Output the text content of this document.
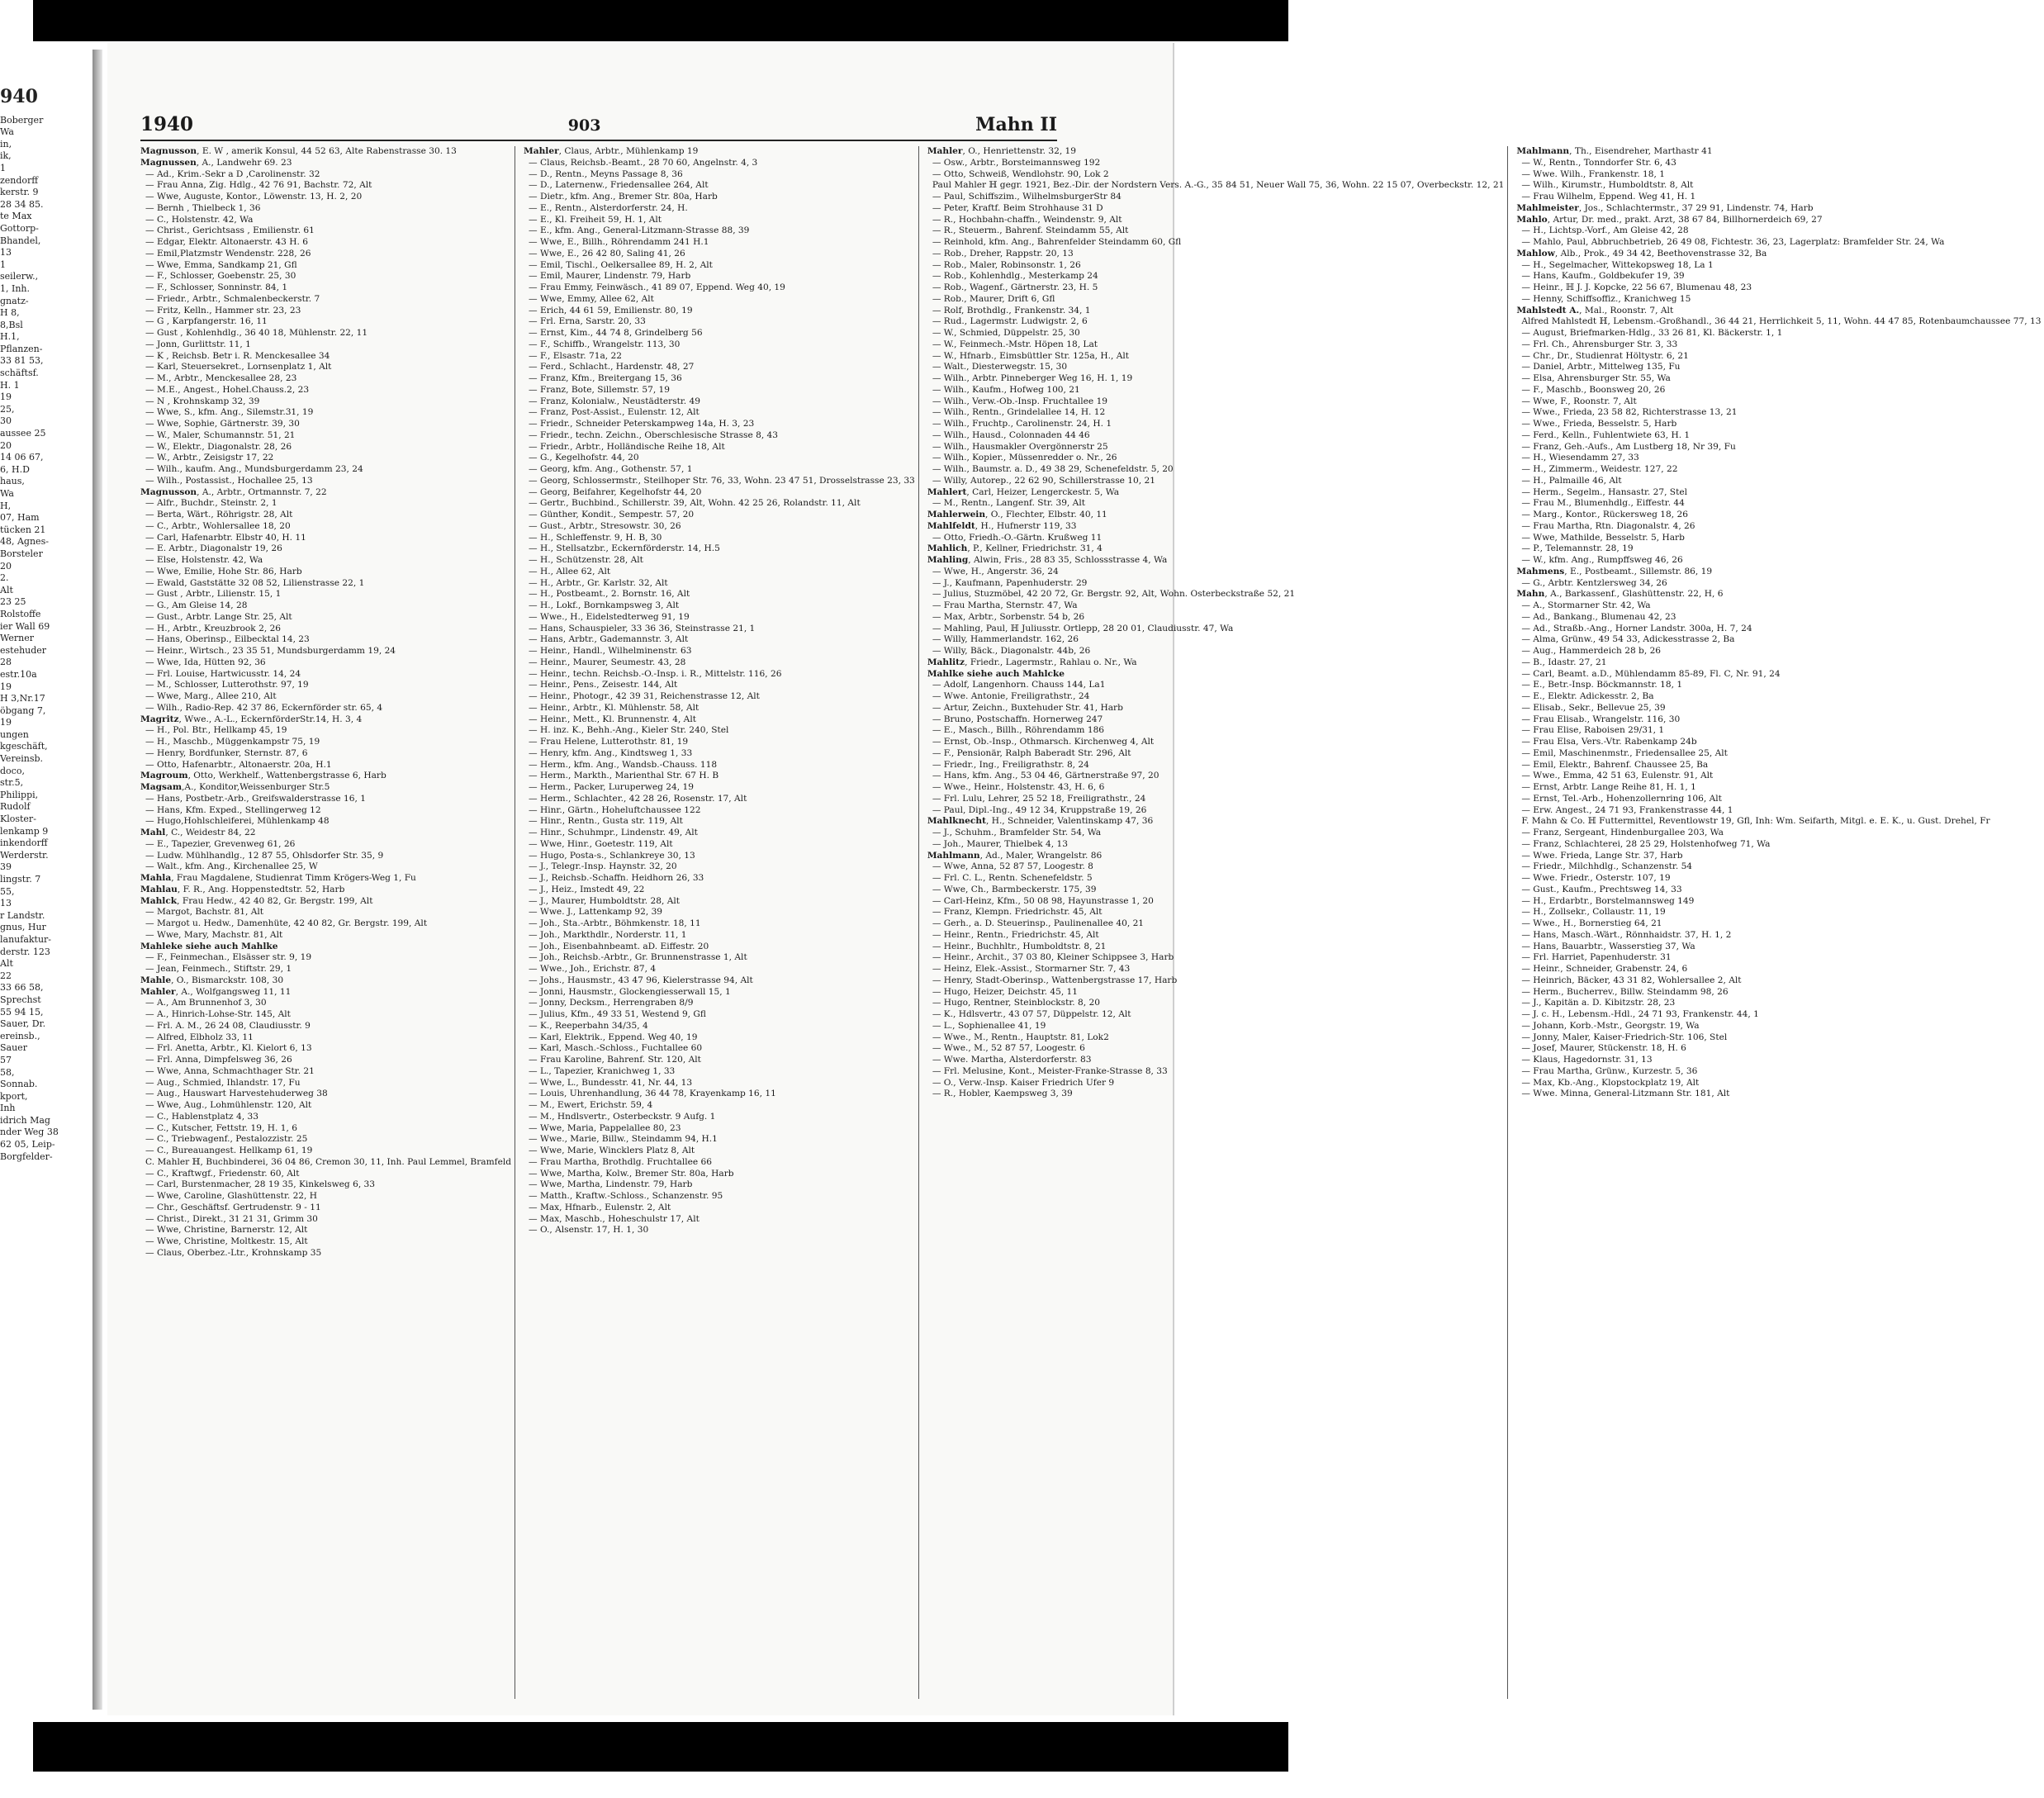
940
Boberger
Wa
in,
ik,
1
zendorff
kerstr. 9
28 34 85.
te Max
Gottorp-
Bhandel,
13
1
seilerw.,
1, Inh.
gnatz-
H 8,
8,Bsl
H.1,
Pflanzen-
33 81 53,
schäftsf.
H. 1
19
25,
30
aussee 25
20
14 06 67,
6, H.D
haus,
Wa
H,
07, Ham
tücken 21
48, Agnes-
Borsteler
20
2.
Alt
23 25
Rolstoffe
ier Wall 69
Werner
estehuder
28
estr.10a
19
H 3,Nr.17
öbgang 7,
19
ungen
kgeschäft,
Vereinsb.
doco,
str.5,
Philippi,
Rudolf
Kloster-
lenkamp 9
inkendorff
Werderstr.
39
lingstr. 7
55,
13
r Landstr.
gnus, Hur
lanufaktur-
derstr. 123
Alt
22
33 66 58,
Sprechst
55 94 15,
Sauer, Dr.
ereinsb.,
Sauer
57
58,
Sonnab.
kport,
Inh
idrich Mag
nder Weg 38
62 05, Leip-
Borgfelder-
1940	903	Mahn II
Magnusson, E. W , amerik Konsul, 44 52 63, Alte Rabenstrasse 30. 13
Magnussen, A., Landwehr 69. 23
— Ad., Krim.-Sekr a D ,Carolinenstr. 32
— Frau Anna, Zig. Hdlg., 42 76 91, Bachstr. 72, Alt
— Wwe, Auguste, Kontor., Löwenstr. 13, H. 2, 20
— Bernh , Thielbeck 1, 36
— C., Holstenstr. 42, Wa
— Christ., Gerichtsass , Emilienstr. 61
— Edgar, Elektr. Altonaerstr. 43 H. 6
— Emil,Platzmstr Wendenstr. 228, 26
— Wwe, Emma, Sandkamp 21, Gfl
— F., Schlosser, Goebenstr. 25, 30
— F., Schlosser, Sonninstr. 84, 1
— Friedr., Arbtr., Schmalenbeckerstr. 7
— Fritz, Kelln., Hammer str. 23, 23
— G , Karpfangerstr. 16, 11
— Gust , Kohlenhdlg., 36 40 18, Mühlenstr. 22, 11
— Jonn, Gurlittstr. 11, 1
— K , Reichsb. Betr i. R. Menckesallee 34
— Karl, Steuersekret., Lornsenplatz 1, Alt
— M., Arbtr., Menckesallee 28, 23
— M.E., Angest., Hohel.Chauss.2, 23
— N , Krohnskamp 32, 39
— Wwe, S., kfm. Ang., Silemstr.31, 19
— Wwe, Sophie, Gärtnerstr. 39, 30
— W., Maler, Schumannstr. 51, 21
— W., Elektr., Diagonalstr. 28, 26
— W., Arbtr., Zeisigstr 17, 22
— Wilh., kaufm. Ang., Mundsburgerdamm 23, 24
— Wilh., Postassist., Hochallee 25, 13
Magnusson, A., Arbtr., Ortmannstr. 7, 22
— Alfr., Buchdr., Steinstr. 2, 1
— Berta, Wärt., Röhrigstr. 28, Alt
— C., Arbtr., Wohlersallee 18, 20
— Carl, Hafenarbtr. Elbstr 40, H. 11
— E. Arbtr., Diagonalstr 19, 26
— Else, Holstenstr. 42, Wa
— Wwe, Emilie, Hohe Str. 86, Harb
— Ewald, Gaststätte 32 08 52, Lilienstrasse 22, 1
— Gust , Arbtr., Lilienstr. 15, 1
— G., Am Gleise 14, 28
— Gust., Arbtr. Lange Str. 25, Alt
— H., Arbtr., Kreuzbrook 2, 26
— Hans, Oberinsp., Eilbecktal 14, 23
— Heinr., Wirtsch., 23 35 51, Mundsburgerdamm 19, 24
— Wwe, Ida, Hütten 92, 36
— Frl. Louise, Hartwicusstr. 14, 24
— M., Schlosser, Lutterothstr. 97, 19
— Wwe, Marg., Allee 210, Alt
— Wilh., Radio-Rep. 42 37 86, Eckernförder str. 65, 4
Magritz, Wwe., A.-L., EckernförderStr.14, H. 3, 4
— H., Pol. Btr., Hellkamp 45, 19
— H., Maschb., Müggenkampstr 75, 19
— Henry, Bordfunker, Sternstr. 87, 6
— Otto, Hafenarbtr., Altonaerstr. 20a, H.1
Magroum, Otto, Werkhelf., Wattenbergstrasse 6, Harb
Magsam,A., Konditor,Weissenburger Str.5
— Hans, Postbetr.-Arb., Greifswalderstrasse 16, 1
— Hans, Kfm. Exped., Stellingerweg 12
— Hugo,Hohlschleiferei, Mühlenkamp 48
Mahl, C., Weidestr 84, 22
— E., Tapezier, Grevenweg 61, 26
— Ludw. Mühlhandlg., 12 87 55, Ohlsdorfer Str. 35, 9
— Walt., kfm. Ang., Kirchenallee 25, W
Mahla, Frau Magdalene, Studienrat Timm Krögers-Weg 1, Fu
Mahlau, F. R., Ang. Hoppenstedtstr. 52, Harb
Mahlck, Frau Hedw., 42 40 82, Gr. Bergstr. 199, Alt
— Margot, Bachstr. 81, Alt
— Margot u. Hedw., Damenhüte, 42 40 82, Gr. Bergstr. 199, Alt
— Wwe, Mary, Machstr. 81, Alt
Mahleke siehe auch Mahlke
— F., Feinmechan., Elsässer str. 9, 19
— Jean, Feinmech., Stiftstr. 29, 1
Mahle, O., Bismarckstr. 108, 30
Mahler, A., Wolfgangsweg 11, 11
— A., Am Brunnenhof 3, 30
— A., Hinrich-Lohse-Str. 145, Alt
— Frl. A. M., 26 24 08, Claudiusstr. 9
— Alfred, Elbholz 33, 11
— Frl. Anetta, Arbtr., Kl. Kielort 6, 13
— Frl. Anna, Dimpfelsweg 36, 26
— Wwe, Anna, Schmachthager Str. 21
— Aug., Schmied, Ihlandstr. 17, Fu
— Aug., Hauswart Harvestehuderweg 38
— Wwe, Aug., Lohmühlenstr. 120, Alt
— C., Hablenstplatz 4, 33
— C., Kutscher, Fettstr. 19, H. 1, 6
— C., Triebwagenf., Pestalozzistr. 25
— C., Bureauangest. Hellkamp 61, 19
C. Mahler ℍ, Buchbinderei, 36 04 86, Cremon 30, 11, Inh. Paul Lemmel, Bramfeld
— C., Kraftwgf., Friedenstr. 60, Alt
— Carl, Burstenmacher, 28 19 35, Kinkelsweg 6, 33
— Wwe, Caroline, Glashüttenstr. 22, H
— Chr., Geschäftsf. Gertrudenstr. 9 - 11
— Christ., Direkt., 31 21 31, Grimm 30
— Wwe, Christine, Barnerstr. 12, Alt
— Wwe, Christine, Moltkestr. 15, Alt
— Claus, Oberbez.-Ltr., Krohnskamp 35
Mahler, Claus, Arbtr., Mühlenkamp 19
— Claus, Reichsb.-Beamt., 28 70 60, Angelnstr. 4, 3
— D., Rentn., Meyns Passage 8, 36
— D., Laternenw., Friedensallee 264, Alt
— Dietr., kfm. Ang., Bremer Str. 80a, Harb
— E., Rentn., Alsterdorferstr. 24, H.
— E., Kl. Freiheit 59, H. 1, Alt
— E., kfm. Ang., General-Litzmann-Strasse 88, 39
— Wwe, E., Billh., Röhrendamm 241 H.1
— Wwe, E., 26 42 80, Saling 41, 26
— Emil, Tischl., Oelkersallee 89, H. 2, Alt
— Emil, Maurer, Lindenstr. 79, Harb
— Frau Emmy, Feinwäsch., 41 89 07, Eppend. Weg 40, 19
— Wwe, Emmy, Allee 62, Alt
— Erich, 44 61 59, Emilienstr. 80, 19
— Frl. Erna, Sarstr. 20, 33
— Ernst, Kim., 44 74 8, Grindelberg 56
— F., Schiffb., Wrangelstr. 113, 30
— F., Elsastr. 71a, 22
— Ferd., Schlacht., Hardenstr. 48, 27
— Franz, Kfm., Breitergang 15, 36
— Franz, Bote, Sillemstr. 57, 19
— Franz, Kolonialw., Neustädterstr. 49
— Franz, Post-Assist., Eulenstr. 12, Alt
— Friedr., Schneider Peterskampweg 14a, H. 3, 23
— Friedr., techn. Zeichn., Oberschlesische Strasse 8, 43
— Friedr., Arbtr., Holländische Reihe 18, Alt
— G., Kegelhofstr. 44, 20
— Georg, kfm. Ang., Gothenstr. 57, 1
— Georg, Schlossermstr., Steilhoper Str. 76, 33, Wohn. 23 47 51, Drosselstrasse 23, 33
— Georg, Beifahrer, Kegelhofstr 44, 20
— Gertr., Buchbind., Schillerstr. 39, Alt, Wohn. 42 25 26, Rolandstr. 11, Alt
— Günther, Kondit., Sempestr. 57, 20
— Gust., Arbtr., Stresowstr. 30, 26
— H., Schleffenstr. 9, H. B, 30
— H., Stellsatzbr., Eckernförderstr. 14, H.5
— H., Schützenstr. 28, Alt
— H., Allee 62, Alt
— H., Arbtr., Gr. Karlstr. 32, Alt
— H., Postbeamt., 2. Bornstr. 16, Alt
— H., Lokf., Bornkampsweg 3, Alt
— Wwe., H., Eidelstedterweg 91, 19
— Hans, Schauspieler, 33 36 36, Steinstrasse 21, 1
— Hans, Arbtr., Gademannstr. 3, Alt
— Heinr., Handl., Wilhelminenstr. 63
— Heinr., Maurer, Seumestr. 43, 28
— Heinr., techn. Reichsb.-O.-Insp. i. R., Mittelstr. 116, 26
— Heinr., Pens., Zeisestr. 144, Alt
— Heinr., Photogr., 42 39 31, Reichenstrasse 12, Alt
— Heinr., Arbtr., Kl. Mühlenstr. 58, Alt
— Heinr., Mett., Kl. Brunnenstr. 4, Alt
— H. inz. K., Behh.-Ang., Kieler Str. 240, Stel
— Frau Helene, Lutterothstr. 81, 19
— Henry, kfm. Ang., Kindtsweg 1, 33
— Herm., kfm. Ang., Wandsb.-Chauss. 118
— Herm., Markth., Marienthal Str. 67 H. B
— Herm., Packer, Luruperweg 24, 19
— Herm., Schlachter., 42 28 26, Rosenstr. 17, Alt
— Hinr., Gärtn., Hoheluftchaussee 122
— Hinr., Rentn., Gusta str. 119, Alt
— Hinr., Schuhmpr., Lindenstr. 49, Alt
— Wwe, Hinr., Goetestr. 119, Alt
— Hugo, Posta-s., Schlankreye 30, 13
— J., Telegr.-Insp. Haynstr. 32, 20
— J., Reichsb.-Schaffn. Heidhorn 26, 33
— J., Heiz., Imstedt 49, 22
— J., Maurer, Humboldtstr. 28, Alt
— Wwe. J., Lattenkamp 92, 39
— Joh., Sta.-Arbtr., Böhmkenstr. 18, 11
— Joh., Markthdlr., Norderstr. 11, 1
— Joh., Eisenbahnbeamt. aD. Eiffestr. 20
— Joh., Reichsb.-Arbtr., Gr. Brunnenstrasse 1, Alt
— Wwe., Joh., Erichstr. 87, 4
— Johs., Hausmstr., 43 47 96, Kielerstrasse 94, Alt
— Jonni, Hausmstr., Glockengiesserwall 15, 1
— Jonny, Decksm., Herrengraben 8/9
— Julius, Kfm., 49 33 51, Westend 9, Gfl
— K., Reeperbahn 34/35, 4
— Karl, Elektrik., Eppend. Weg 40, 19
— Karl, Masch.-Schloss., Fuchtallee 60
— Frau Karoline, Bahrenf. Str. 120, Alt
— L., Tapezier, Kranichweg 1, 33
— Wwe, L., Bundesstr. 41, Nr. 44, 13
— Louis, Uhrenhandlung, 36 44 78, Krayenkamp 16, 11
— M., Ewert, Erichstr. 59, 4
— M., Hndlsvertr., Osterbeckstr. 9 Aufg. 1
— Wwe, Maria, Pappelallee 80, 23
— Wwe., Marie, Billw., Steindamm 94, H.1
— Wwe, Marie, Wincklers Platz 8, Alt
— Frau Martha, Brothdlg. Fruchtallee 66
— Wwe, Martha, Kolw., Bremer Str. 80a, Harb
— Wwe, Martha, Lindenstr. 79, Harb
— Matth., Kraftw.-Schloss., Schanzenstr. 95
— Max, Hfnarb., Eulenstr. 2, Alt
— Max, Maschb., Hoheschulstr 17, Alt
— O., Alsenstr. 17, H. 1, 30
Mahler, O., Henriettenstr. 32, 19
— Osw., Arbtr., Borsteimannsweg 192
— Otto, Schweiß, Wendlohstr. 90, Lok 2
Paul Mahler ℍ gegr. 1921, Bez.-Dir. der Nordstern Vers. A.-G., 35 84 51, Neuer Wall 75, 36, Wohn. 22 15 07, Overbeckstr. 12, 21
— Paul, Schiffszim., WilhelmsburgerStr 84
— Peter, Kraftf. Beim Strohhause 31 D
— R., Hochbahn-chaffn., Weindenstr. 9, Alt
— R., Steuerm., Bahrenf. Steindamm 55, Alt
— Reinhold, kfm. Ang., Bahrenfelder Steindamm 60, Gfl
— Rob., Dreher, Rappstr. 20, 13
— Rob., Maler, Robinsonstr. 1, 26
— Rob., Kohlenhdlg., Mesterkamp 24
— Rob., Wagenf., Gärtnerstr. 23, H. 5
— Rob., Maurer, Drift 6, Gfl
— Rolf, Brothdlg., Frankenstr. 34, 1
— Rud., Lagermstr. Ludwigstr. 2, 6
— W., Schmied, Düppelstr. 25, 30
— W., Feinmech.-Mstr. Höpen 18, Lat
— W., Hfnarb., Eimsbüttler Str. 125a, H., Alt
— Walt., Diesterwegstr. 15, 30
— Wilh., Arbtr. Pinneberger Weg 16, H. 1, 19
— Wilh., Kaufm., Hofweg 100, 21
— Wilh., Verw.-Ob.-Insp. Fruchtallee 19
— Wilh., Rentn., Grindelallee 14, H. 12
— Wilh., Fruchtp., Carolinenstr. 24, H. 1
— Wilh., Hausd., Colonnaden 44 46
— Wilh., Hausmakler Overgönnerstr 25
— Wilh., Kopier., Müssenredder o. Nr., 26
— Wilh., Baumstr. a. D., 49 38 29, Schenefeldstr. 5, 20
— Willy, Autorep., 22 62 90, Schillerstrasse 10, 21
Mahlert, Carl, Heizer, Lengerckestr. 5, Wa
— M., Rentn., Langenf. Str. 39, Alt
Mahlerwein, O., Flechter, Elbstr. 40, 11
Mahlfeldt, H., Hufnerstr 119, 33
— Otto, Friedh.-O.-Gärtn. Krußweg 11
Mahlich, P., Kellner, Friedrichstr. 31, 4
Mahling, Alwin, Fris., 28 83 35, Schlossstrasse 4, Wa
— Wwe, H., Angerstr. 36, 24
— J., Kaufmann, Papenhuderstr. 29
— Julius, Stuzmöbel, 42 20 72, Gr. Bergstr. 92, Alt, Wohn. Osterbeckstraße 52, 21
— Frau Martha, Sternstr. 47, Wa
— Max, Arbtr., Sorbenstr. 54 b, 26
— Mahling, Paul, ℍ Juliusstr. Ortlepp, 28 20 01, Claudiusstr. 47, Wa
— Willy, Hammerlandstr. 162, 26
— Willy, Bäck., Diagonalstr. 44b, 26
Mahlitz, Friedr., Lagermstr., Rahlau o. Nr., Wa
Mahlke siehe auch Mahlcke
— Adolf, Langenhorn. Chauss 144, La1
— Wwe. Antonie, Freiligrathstr., 24
— Artur, Zeichn., Buxtehuder Str. 41, Harb
— Bruno, Postschaffn. Hornerweg 247
— E., Masch., Billh., Röhrendamm 186
— Ernst, Ob.-Insp., Othmarsch. Kirchenweg 4, Alt
— F., Pensionär, Ralph Baberadt Str. 296, Alt
— Friedr., Ing., Freiligrathstr. 8, 24
— Hans, kfm. Ang., 53 04 46, Gärtnerstraße 97, 20
— Wwe., Heinr., Holstenstr. 43, H. 6, 6
— Frl. Lulu, Lehrer, 25 52 18, Freiligrathstr., 24
— Paul, Dipl.-Ing., 49 12 34, Kruppstraße 19, 26
Mahlknecht, H., Schneider, Valentinskamp 47, 36
— J., Schuhm., Bramfelder Str. 54, Wa
— Joh., Maurer, Thielbek 4, 13
Mahlmann, Ad., Maler, Wrangelstr. 86
— Wwe, Anna, 52 87 57, Loogestr. 8
— Frl. C. L., Rentn. Schenefeldstr. 5
— Wwe, Ch., Barmbeckerstr. 175, 39
— Carl-Heinz, Kfm., 50 08 98, Hayunstrasse 1, 20
— Franz, Klempn. Friedrichstr. 45, Alt
— Gerh., a. D. Steuerinsp., Paulinenallee 40, 21
— Heinr., Rentn., Friedrichstr. 45, Alt
— Heinr., Buchhltr., Humboldtstr. 8, 21
— Heinr., Archit., 37 03 80, Kleiner Schippsee 3, Harb
— Heinz, Elek.-Assist., Stormarner Str. 7, 43
— Henry, Stadt-Oberinsp., Wattenbergstrasse 17, Harb
— Hugo, Heizer, Deichstr. 45, 11
— Hugo, Rentner, Steinblockstr. 8, 20
— K., Hdlsvertr., 43 07 57, Düppelstr. 12, Alt
— L., Sophienallee 41, 19
— Wwe., M., Rentn., Hauptstr. 81, Lok2
— Wwe., M., 52 87 57, Loogestr. 6
— Wwe. Martha, Alsterdorferstr. 83
— Frl. Melusine, Kont., Meister-Franke-Strasse 8, 33
— O., Verw.-Insp. Kaiser Friedrich Ufer 9
— R., Hobler, Kaempsweg 3, 39
Mahlmann, Th., Eisendreher, Marthastr 41
— W., Rentn., Tonndorfer Str. 6, 43
— Wwe. Wilh., Frankenstr. 18, 1
— Wilh., Kirumstr., Humboldtstr. 8, Alt
— Frau Wilhelm, Eppend. Weg 41, H. 1
Mahlmeister, Jos., Schlachtermstr., 37 29 91, Lindenstr. 74, Harb
Mahlo, Artur, Dr. med., prakt. Arzt, 38 67 84, Billhornerdeich 69, 27
— H., Lichtsp.-Vorf., Am Gleise 42, 28
— Mahlo, Paul, Abbruchbetrieb, 26 49 08, Fichtestr. 36, 23, Lagerplatz: Bramfelder Str. 24, Wa
Mahlow, Alb., Prok., 49 34 42, Beethovenstrasse 32, Ba
— H., Segelmacher, Wittekopsweg 18, La 1
— Hans, Kaufm., Goldbekufer 19, 39
— Heinr., ℍ J. J. Kopcke, 22 56 67, Blumenau 48, 23
— Henny, Schiffsoffiz., Kranichweg 15
Mahlstedt A., Mal., Roonstr. 7, Alt
Alfred Mahlstedt ℍ, Lebensm.-Großhandl., 36 44 21, Herrlichkeit 5, 11, Wohn. 44 47 85, Rotenbaumchaussee 77, 13
— August, Briefmarken-Hdlg., 33 26 81, Kl. Bäckerstr. 1, 1
— Frl. Ch., Ahrensburger Str. 3, 33
— Chr., Dr., Studienrat Höltystr. 6, 21
— Daniel, Arbtr., Mittelweg 135, Fu
— Elsa, Ahrensburger Str. 55, Wa
— F., Maschb., Boonsweg 20, 26
— Wwe, F., Roonstr. 7, Alt
— Wwe., Frieda, 23 58 82, Richterstrasse 13, 21
— Wwe., Frieda, Besselstr. 5, Harb
— Ferd., Kelln., Fuhlentwiete 63, H. 1
— Franz, Geh.-Aufs., Am Lustberg 18, Nr 39, Fu
— H., Wiesendamm 27, 33
— H., Zimmerm., Weidestr. 127, 22
— H., Palmaille 46, Alt
— Herm., Segelm., Hansastr. 27, Stel
— Frau M., Blumenhdlg., Eiffestr. 44
— Marg., Kontor., Rückersweg 18, 26
— Frau Martha, Rtn. Diagonalstr. 4, 26
— Wwe, Mathilde, Besselstr. 5, Harb
— P., Telemannstr. 28, 19
— W., kfm. Ang., Rumpffsweg 46, 26
Mahmens, E., Postbeamt., Sillemstr. 86, 19
— G., Arbtr. Kentzlersweg 34, 26
Mahn, A., Barkassenf., Glashüttenstr. 22, H, 6
— A., Stormarner Str. 42, Wa
— Ad., Bankang., Blumenau 42, 23
— Ad., Straßb.-Ang., Horner Landstr. 300a, H. 7, 24
— Alma, Grünw., 49 54 33, Adickesstrasse 2, Ba
— Aug., Hammerdeich 28 b, 26
— B., Idastr. 27, 21
— Carl, Beamt. a.D., Mühlendamm 85-89, Fl. C, Nr. 91, 24
— E., Betr.-Insp. Böckmannstr. 18, 1
— E., Elektr. Adickesstr. 2, Ba
— Elisab., Sekr., Bellevue 25, 39
— Frau Elisab., Wrangelstr. 116, 30
— Frau Elise, Raboisen 29/31, 1
— Frau Elsa, Vers.-Vtr. Rabenkamp 24b
— Emil, Maschinenmstr., Friedensallee 25, Alt
— Emil, Elektr., Bahrenf. Chaussee 25, Ba
— Wwe., Emma, 42 51 63, Eulenstr. 91, Alt
— Ernst, Arbtr. Lange Reihe 81, H. 1, 1
— Ernst, Tel.-Arb., Hohenzollernring 106, Alt
— Erw. Angest., 24 71 93, Frankenstrasse 44, 1
F. Mahn & Co. ℍ Futtermittel, Reventlowstr 19, Gfl, Inh: Wm. Seifarth, Mitgl. e. E. K., u. Gust. Drehel, Fr
— Franz, Sergeant, Hindenburgallee 203, Wa
— Franz, Schlachterei, 28 25 29, Holstenhofweg 71, Wa
— Wwe. Frieda, Lange Str. 37, Harb
— Friedr., Milchhdlg., Schanzenstr. 54
— Wwe. Friedr., Osterstr. 107, 19
— Gust., Kaufm., Prechtsweg 14, 33
— H., Erdarbtr., Borstelmannsweg 149
— H., Zollsekr., Collaustr. 11, 19
— Wwe., H., Bornerstieg 64, 21
— Hans, Masch.-Wärt., Rönnhaidstr. 37, H. 1, 2
— Hans, Bauarbtr., Wasserstieg 37, Wa
— Frl. Harriet, Papenhuderstr. 31
— Heinr., Schneider, Grabenstr. 24, 6
— Heinrich, Bäcker, 43 31 82, Wohlersallee 2, Alt
— Herm., Bucherrev., Billw. Steindamm 98, 26
— J., Kapitän a. D. Kibitzstr. 28, 23
— J. c. H., Lebensm.-Hdl., 24 71 93, Frankenstr. 44, 1
— Johann, Korb.-Mstr., Georgstr. 19, Wa
— Jonny, Maler, Kaiser-Friedrich-Str. 106, Stel
— Josef, Maurer, Stückenstr. 18, H. 6
— Klaus, Hagedornstr. 31, 13
— Frau Martha, Grünw., Kurzestr. 5, 36
— Max, Kb.-Ang., Klopstockplatz 19, Alt
— Wwe. Minna, General-Litzmann Str. 181, Alt
